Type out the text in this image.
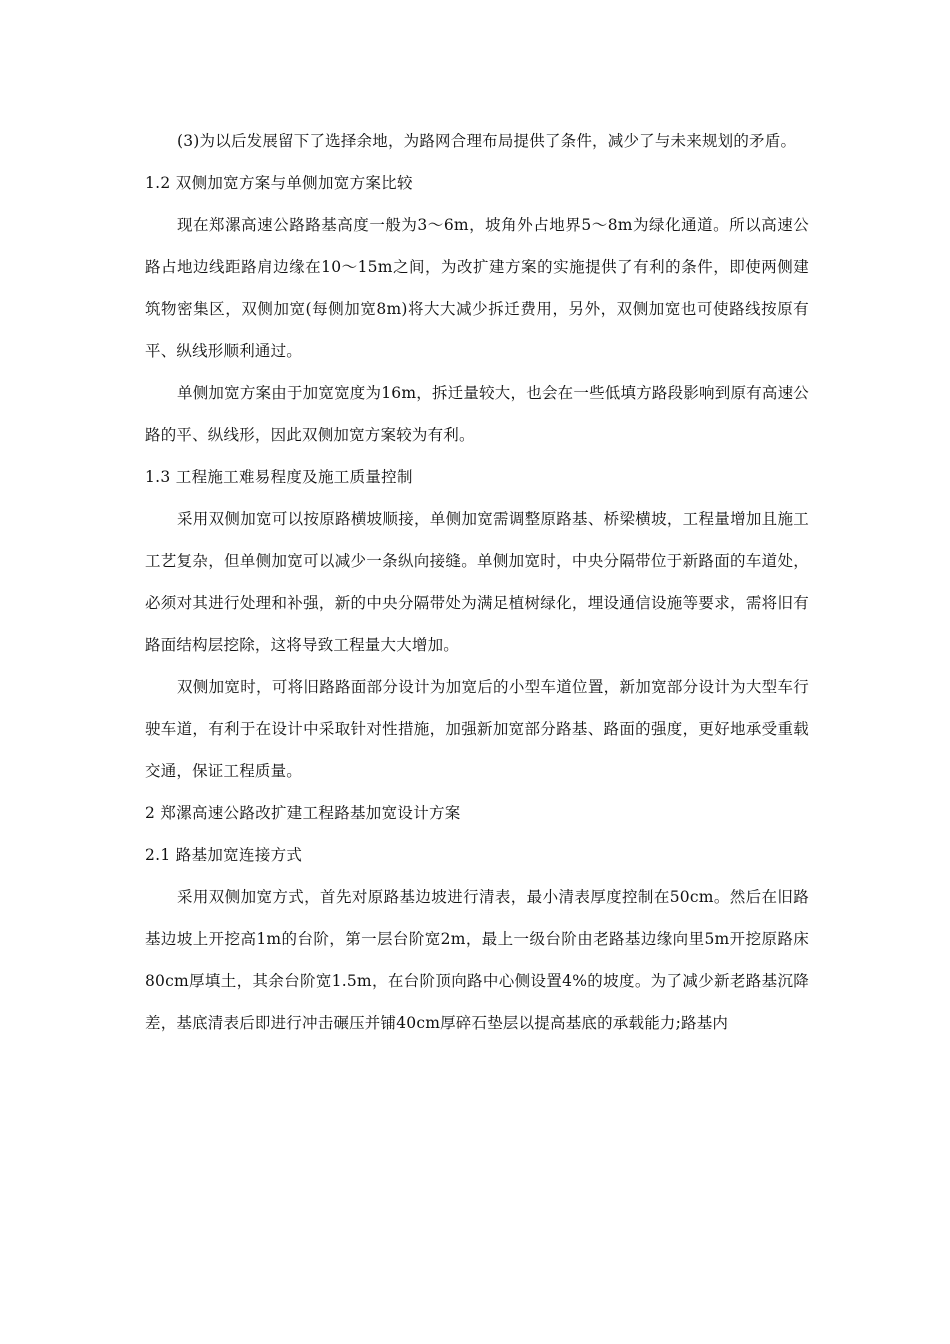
(3)为以后发展留下了选择余地，为路网合理布局提供了条件，减少了与未来规划的矛盾。

1.2 双侧加宽方案与单侧加宽方案比较

现在郑漯高速公路路基高度一般为3～6m，坡角外占地界5～8m为绿化通道。所以高速公路占地边线距路肩边缘在10～15m之间，为改扩建方案的实施提供了有利的条件，即使两侧建筑物密集区，双侧加宽(每侧加宽8m)将大大减少拆迁费用，另外，双侧加宽也可使路线按原有平、纵线形顺利通过。

单侧加宽方案由于加宽宽度为16m，拆迁量较大，也会在一些低填方路段影响到原有高速公路的平、纵线形，因此双侧加宽方案较为有利。

1.3 工程施工难易程度及施工质量控制

采用双侧加宽可以按原路横坡顺接，单侧加宽需调整原路基、桥梁横坡，工程量增加且施工工艺复杂，但单侧加宽可以减少一条纵向接缝。单侧加宽时，中央分隔带位于新路面的车道处，必须对其进行处理和补强，新的中央分隔带处为满足植树绿化，埋设通信设施等要求，需将旧有路面结构层挖除，这将导致工程量大大增加。

双侧加宽时，可将旧路路面部分设计为加宽后的小型车道位置，新加宽部分设计为大型车行驶车道，有利于在设计中采取针对性措施，加强新加宽部分路基、路面的强度，更好地承受重载交通，保证工程质量。

2 郑漯高速公路改扩建工程路基加宽设计方案

2.1 路基加宽连接方式

采用双侧加宽方式，首先对原路基边坡进行清表，最小清表厚度控制在50cm。然后在旧路基边坡上开挖高1m的台阶，第一层台阶宽2m，最上一级台阶由老路基边缘向里5m开挖原路床80cm厚填土，其余台阶宽1.5m，在台阶顶向路中心侧设置4%的坡度。为了减少新老路基沉降差，基底清表后即进行冲击碾压并铺40cm厚碎石垫层以提高基底的承载能力;路基内
